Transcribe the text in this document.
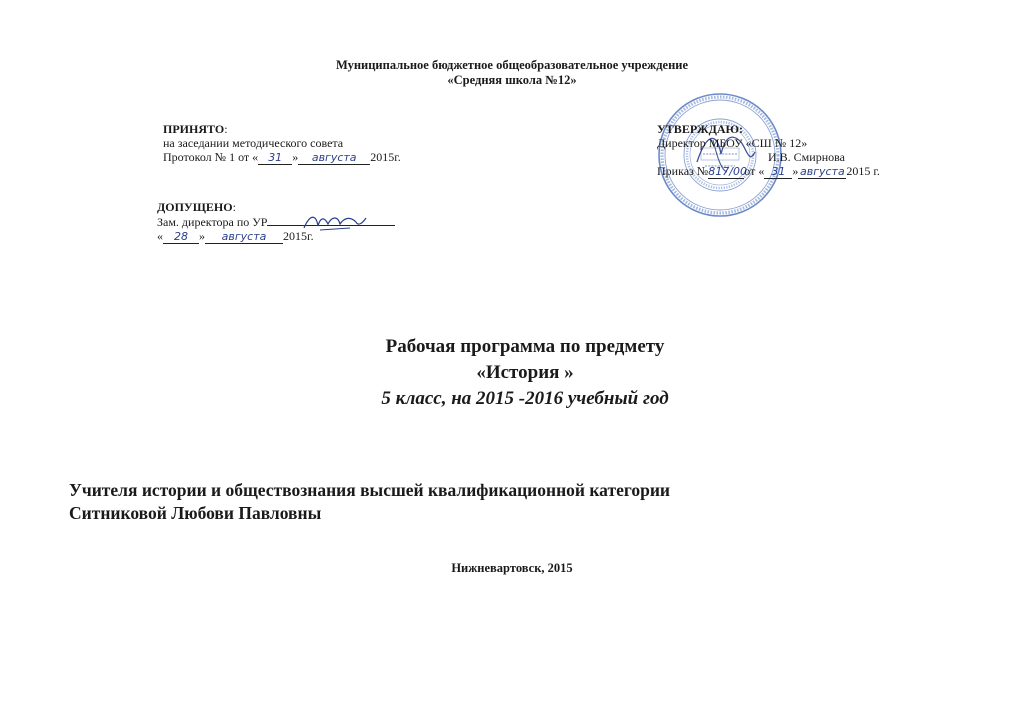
Муниципальное бюджетное общеобразовательное учреждение
«Средняя школа №12»
ПРИНЯТО:
на заседании методического совета
Протокол № 1 от « 31 » августа 2015г.
ДОПУЩЕНО:
Зам. директора по УР
« 28 » августа 2015г.
УТВЕРЖДАЮ:
Директор МБОУ «СШ № 12»
И.В. Смирнова
Приказ №817/00от « 31 » августа 2015 г.
Рабочая программа по предмету
«История »
5 класс, на 2015 -2016 учебный год
Учителя истории и обществознания высшей квалификационной категории
Ситниковой Любови Павловны
Нижневартовск, 2015
